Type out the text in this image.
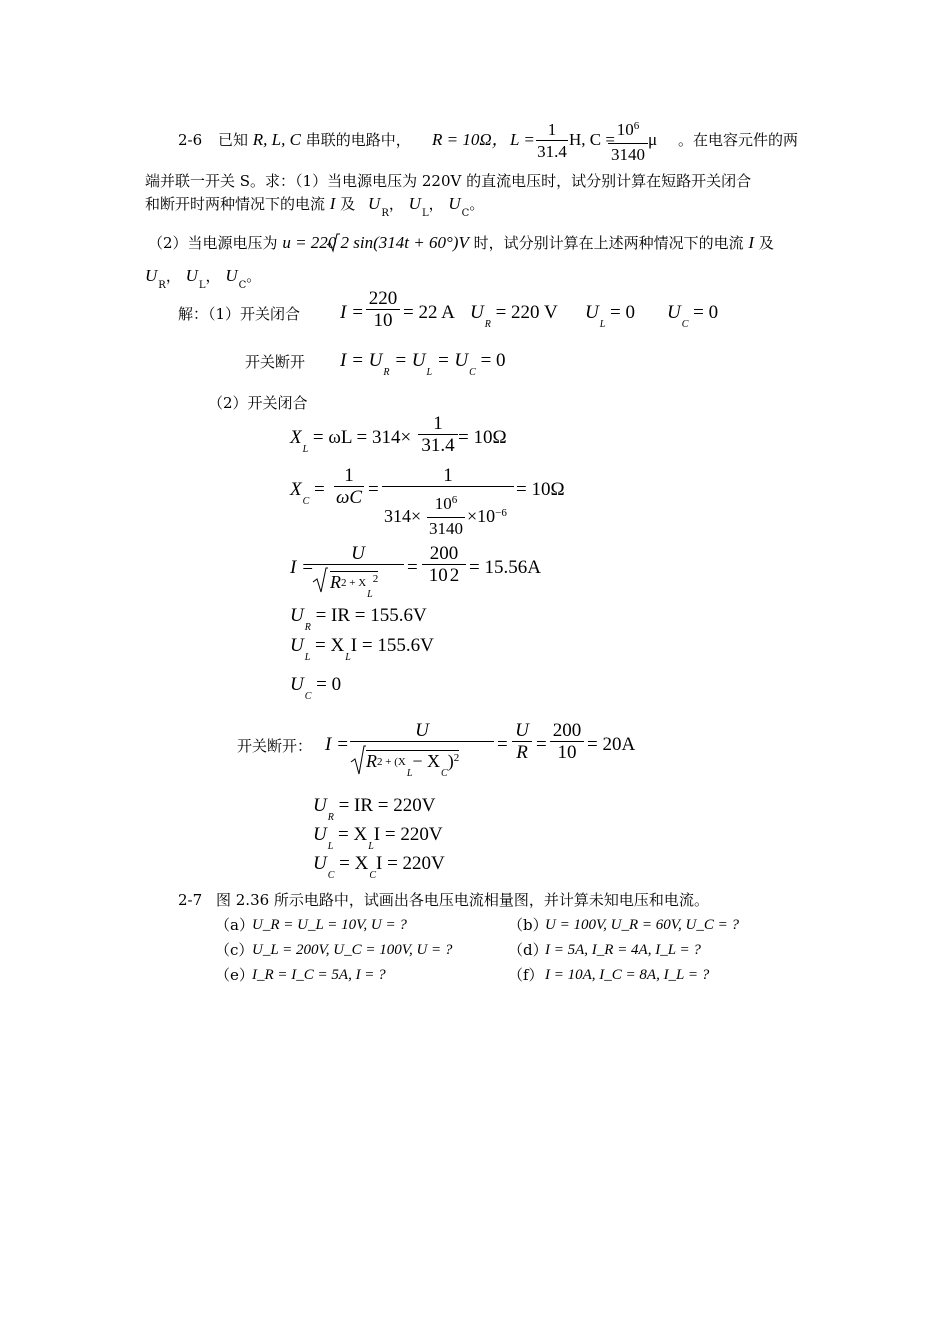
2-6 已知 R, L, C 串联的电路中， R = 10Ω， $L = \frac{1}{31.4} H$, C =
$\frac{10^6}{3140}$ μ 。在电容元件的两
端并联一开关 S。求：（1）当电源电压为 220V 的直流电压时，试分别计算在短路开关闭合
和断开时两种情况下的电流 I 及 $U_R$， $U_L$， $U_C$。
（2）当电源电压为 u = 220 2 sin(314t + 60°)V 时，试分别计算在上述两种情况下的电流 I 及
$U_R$， $U_L$， $U_C$。
解：（1）开关闭合 $I = \frac{220}{10} = 22$ A $U_R = 220$ V $U_L = 0$ $U_C = 0$
开关断开 $I = U_R = U_L = U_C = 0$
（2）开关闭合
$X_L = \omega L = 314\times \frac{1}{31.4} = 10\Omega$
$X_C = \frac{1}{\omega C}$ =
1
$314\times \frac{10^6}{3140} \times 10^{-6}$
= 10Ω
I =
U
$R2 + X_L^2$
= $\frac{200}{10 2} = 15.56A$
$U_R$ = IR = 155.6V
$U_L = X_LI = 155.6V$
$U_C = 0$
开关断开： I =
U
$R2 + (X_L- X_C)^2$
= $\frac{U}{R} = \frac{200}{10} = 20A$
$U_R$ = IR = 220V
$U_L = X_LI = 220V$
$U_C = X_CI = 220V$
2-7 图 2.36 所示电路中，试画出各电压电流相量图，并计算未知电压和电流。
（a）
U_R = U_L = 10V, U = ?	（b）
U = 100V, U_R = 60V, U_C = ?
（c）
U_L = 200V, U_C = 100V, U = ?	（d）
I = 5A, I_R = 4A, I_L = ?
（e）
I_R = I_C = 5A, I = ?	（f） I = 10A, I_C = 8A, I_L = ?
